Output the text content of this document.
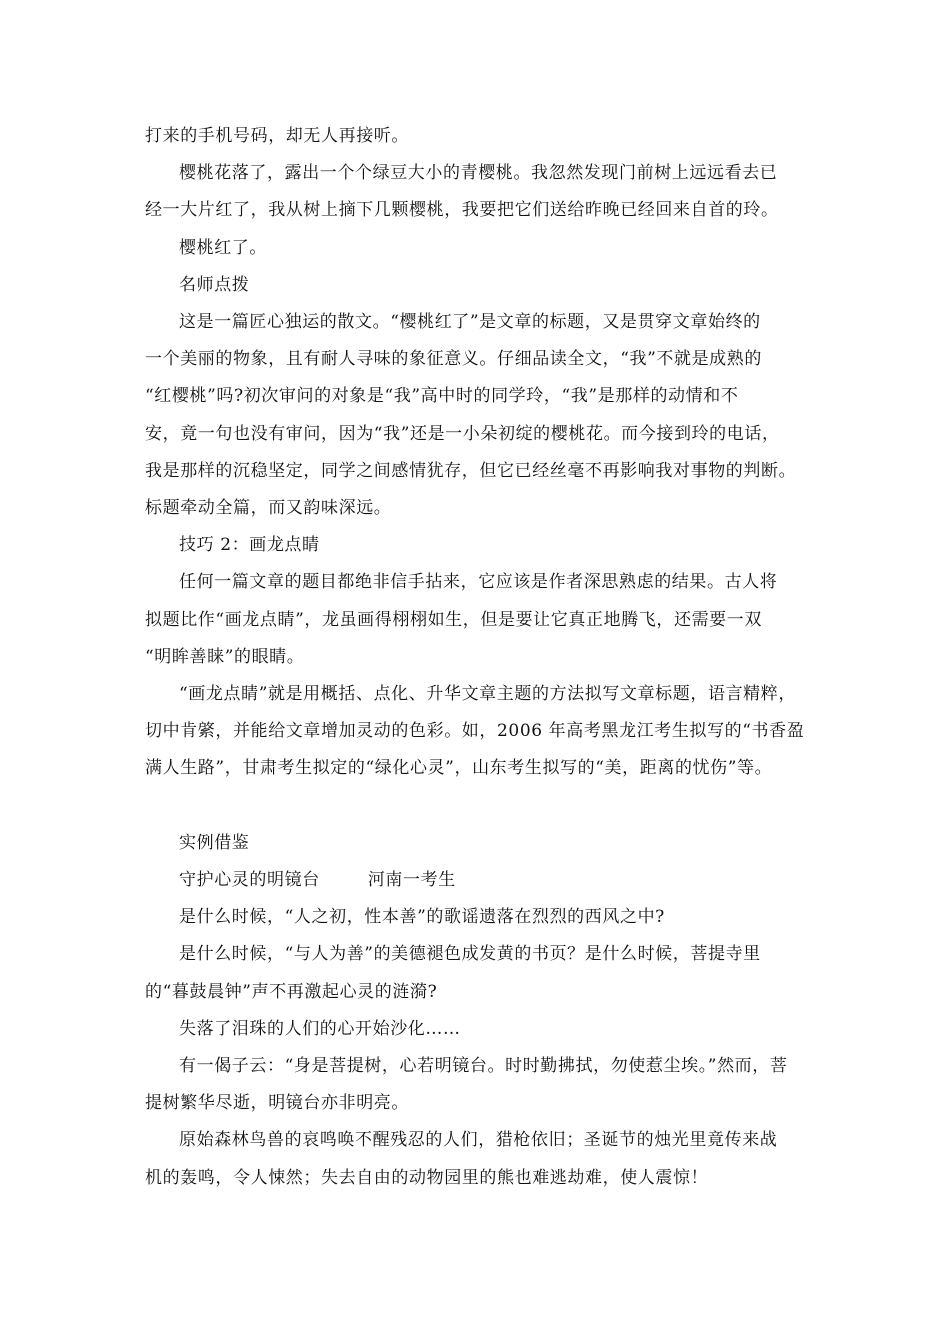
打来的手机号码，却无人再接听。
樱桃花落了，露出一个个绿豆大小的青樱桃。我忽然发现门前树上远远看去已
经一大片红了，我从树上摘下几颗樱桃，我要把它们送给昨晚已经回来自首的玲。
樱桃红了。
名师点拨
这是一篇匠心独运的散文。“樱桃红了”是文章的标题，又是贯穿文章始终的
一个美丽的物象，且有耐人寻味的象征意义。仔细品读全文，“我”不就是成熟的
“红樱桃”吗?初次审问的对象是“我”高中时的同学玲，“我”是那样的动情和不
安，竟一句也没有审问，因为“我”还是一小朵初绽的樱桃花。而今接到玲的电话，
我是那样的沉稳坚定，同学之间感情犹存，但它已经丝毫不再影响我对事物的判断。
标题牵动全篇，而又韵味深远。
技巧 2：画龙点睛
任何一篇文章的题目都绝非信手拈来，它应该是作者深思熟虑的结果。古人将
拟题比作“画龙点睛”，龙虽画得栩栩如生，但是要让它真正地腾飞，还需要一双
“明眸善睐”的眼睛。
“画龙点睛”就是用概括、点化、升华文章主题的方法拟写文章标题，语言精粹，
切中肯綮，并能给文章增加灵动的色彩。如，2006 年高考黑龙江考生拟写的“书香盈
满人生路”，甘肃考生拟定的“绿化心灵”，山东考生拟写的“美，距离的忧伤”等。
实例借鉴
守护心灵的明镜台	河南一考生
是什么时候，“人之初，性本善”的歌谣遗落在烈烈的西风之中?
是什么时候，“与人为善”的美德褪色成发黄的书页？是什么时候，菩提寺里
的“暮鼓晨钟”声不再激起心灵的涟漪?
失落了泪珠的人们的心开始沙化……
有一偈子云：“身是菩提树，心若明镜台。时时勤拂拭，勿使惹尘埃。”然而，菩
提树繁华尽逝，明镜台亦非明亮。
原始森林鸟兽的哀鸣唤不醒残忍的人们，猎枪依旧；圣诞节的烛光里竟传来战
机的轰鸣，令人悚然；失去自由的动物园里的熊也难逃劫难，使人震惊！
